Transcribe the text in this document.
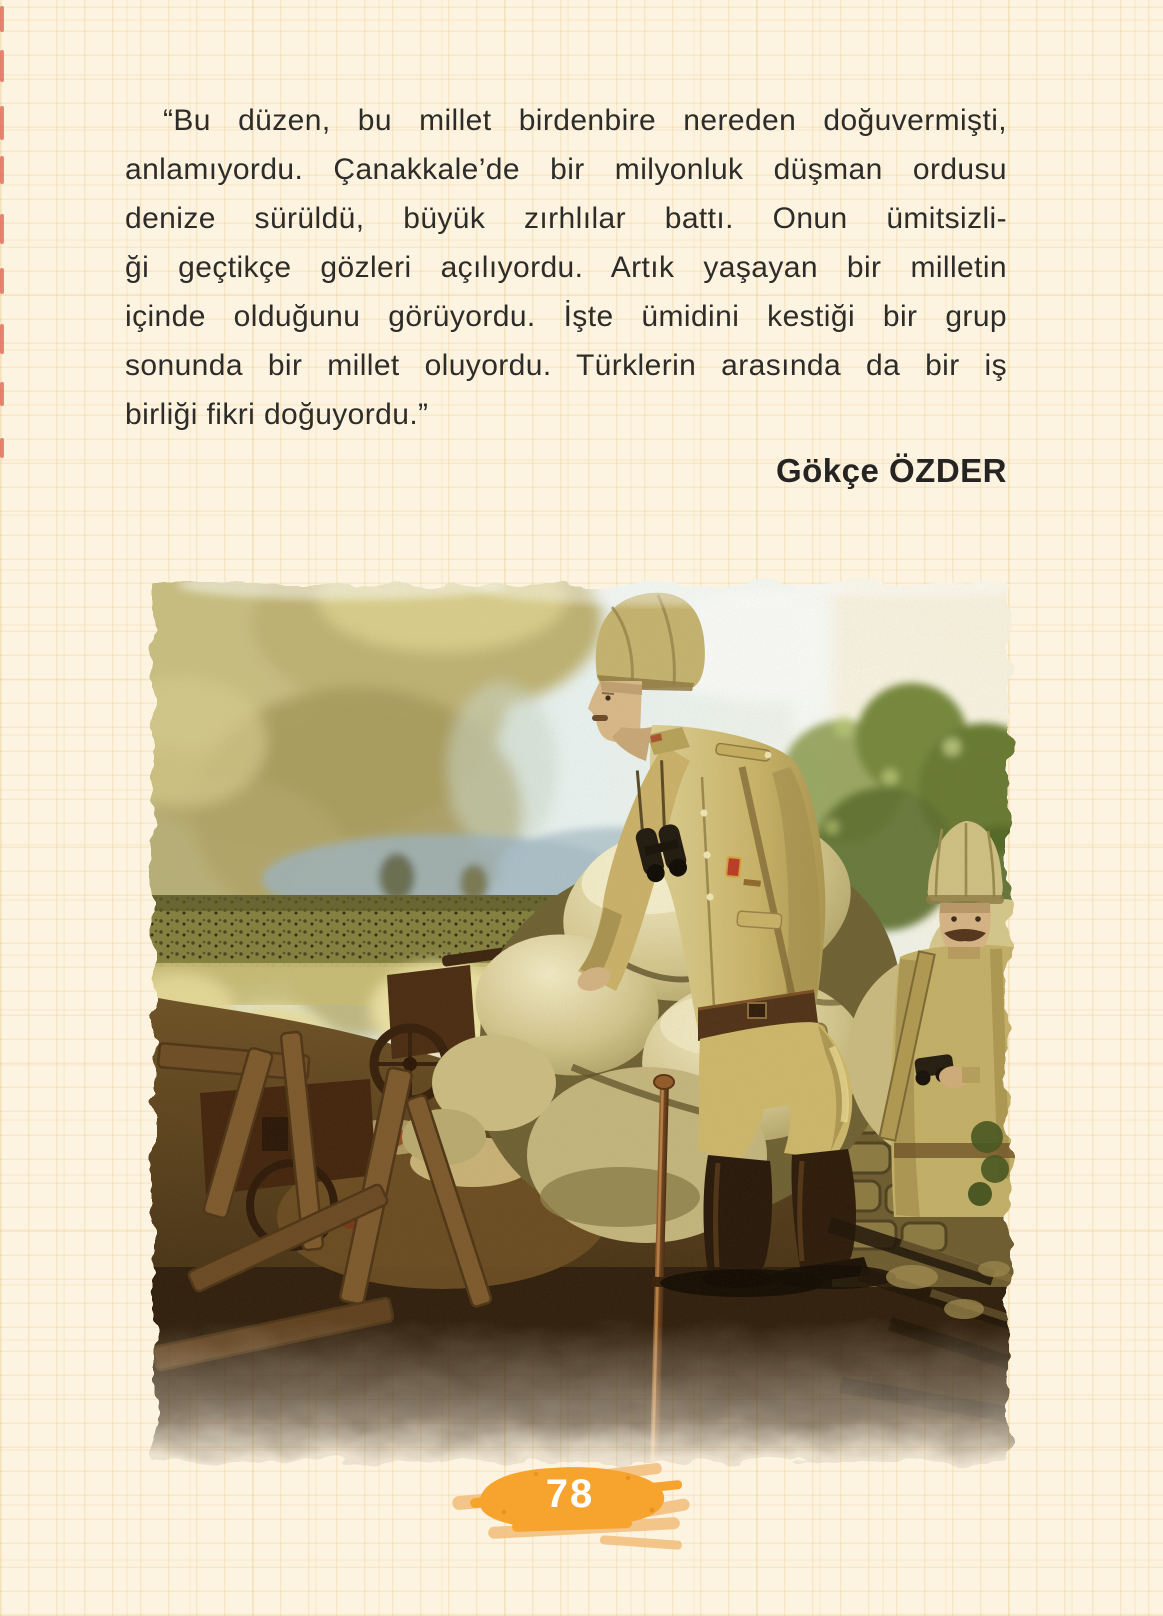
“Bu düzen, bu millet birdenbire nereden doğuvermişti,
anlamıyordu. Çanakkale’de bir milyonluk düşman ordusu
denize sürüldü, büyük zırhlılar battı. Onun ümitsizli-
ği geçtikçe gözleri açılıyordu. Artık yaşayan bir milletin
içinde olduğunu görüyordu. İşte ümidini kestiği bir grup
sonunda bir millet oluyordu. Türklerin arasında da bir iş
birliği fikri doğuyordu.”
Gökçe ÖZDER
78
